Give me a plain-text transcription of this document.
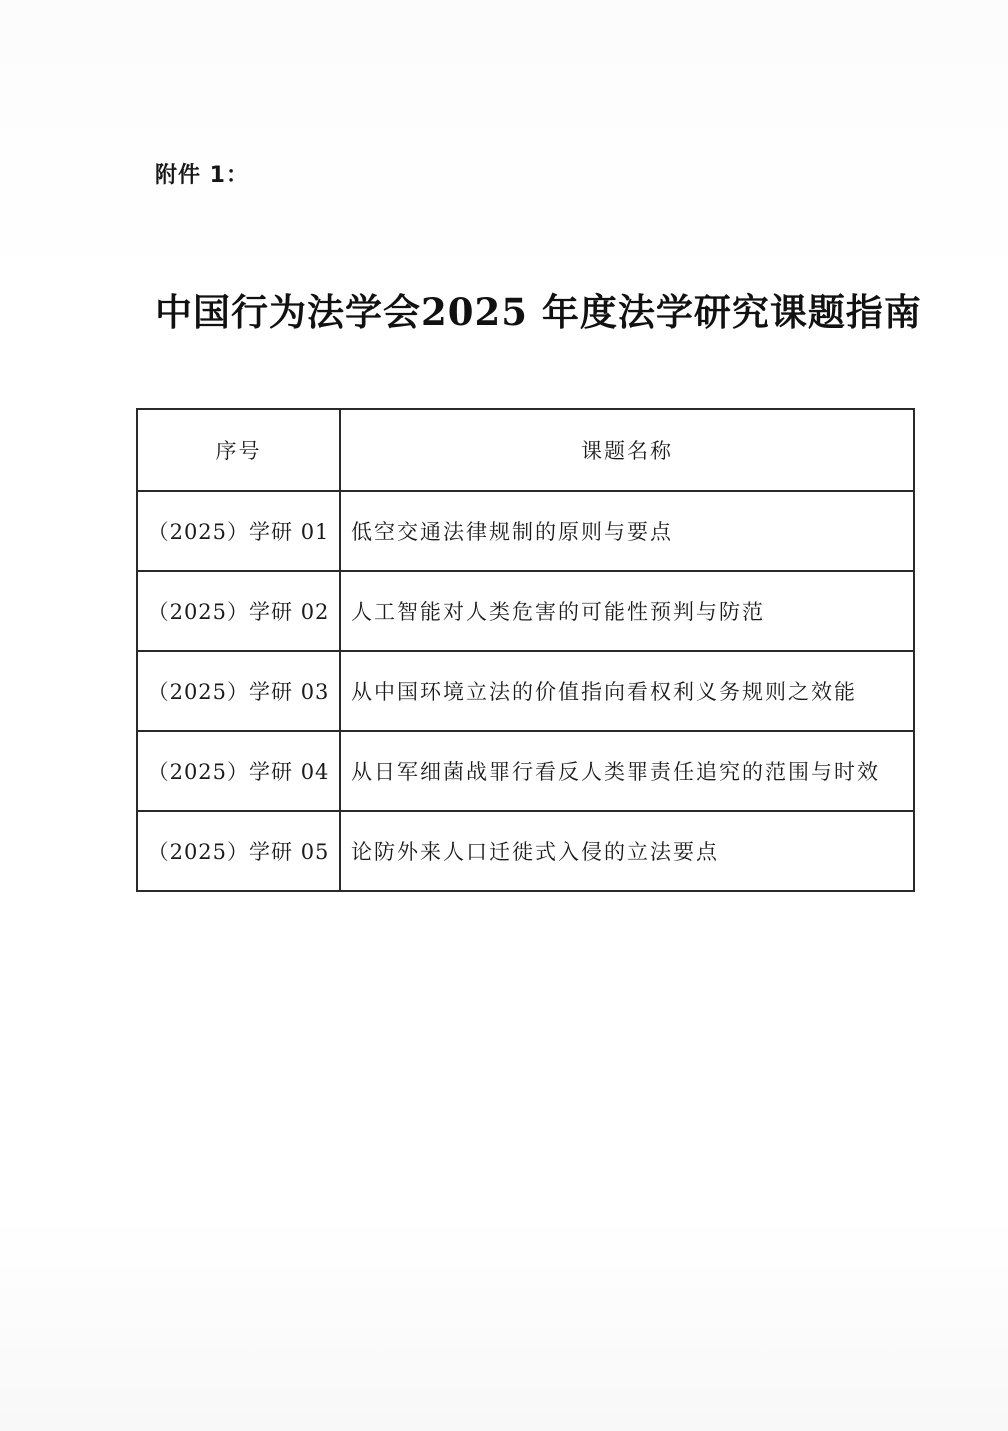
附件 1：
中国行为法学会2025 年度法学研究课题指南
序号	课题名称
（2025）学研 01	低空交通法律规制的原则与要点
（2025）学研 02	人工智能对人类危害的可能性预判与防范
（2025）学研 03	从中国环境立法的价值指向看权利义务规则之效能
（2025）学研 04	从日军细菌战罪行看反人类罪责任追究的范围与时效
（2025）学研 05	论防外来人口迁徙式入侵的立法要点
